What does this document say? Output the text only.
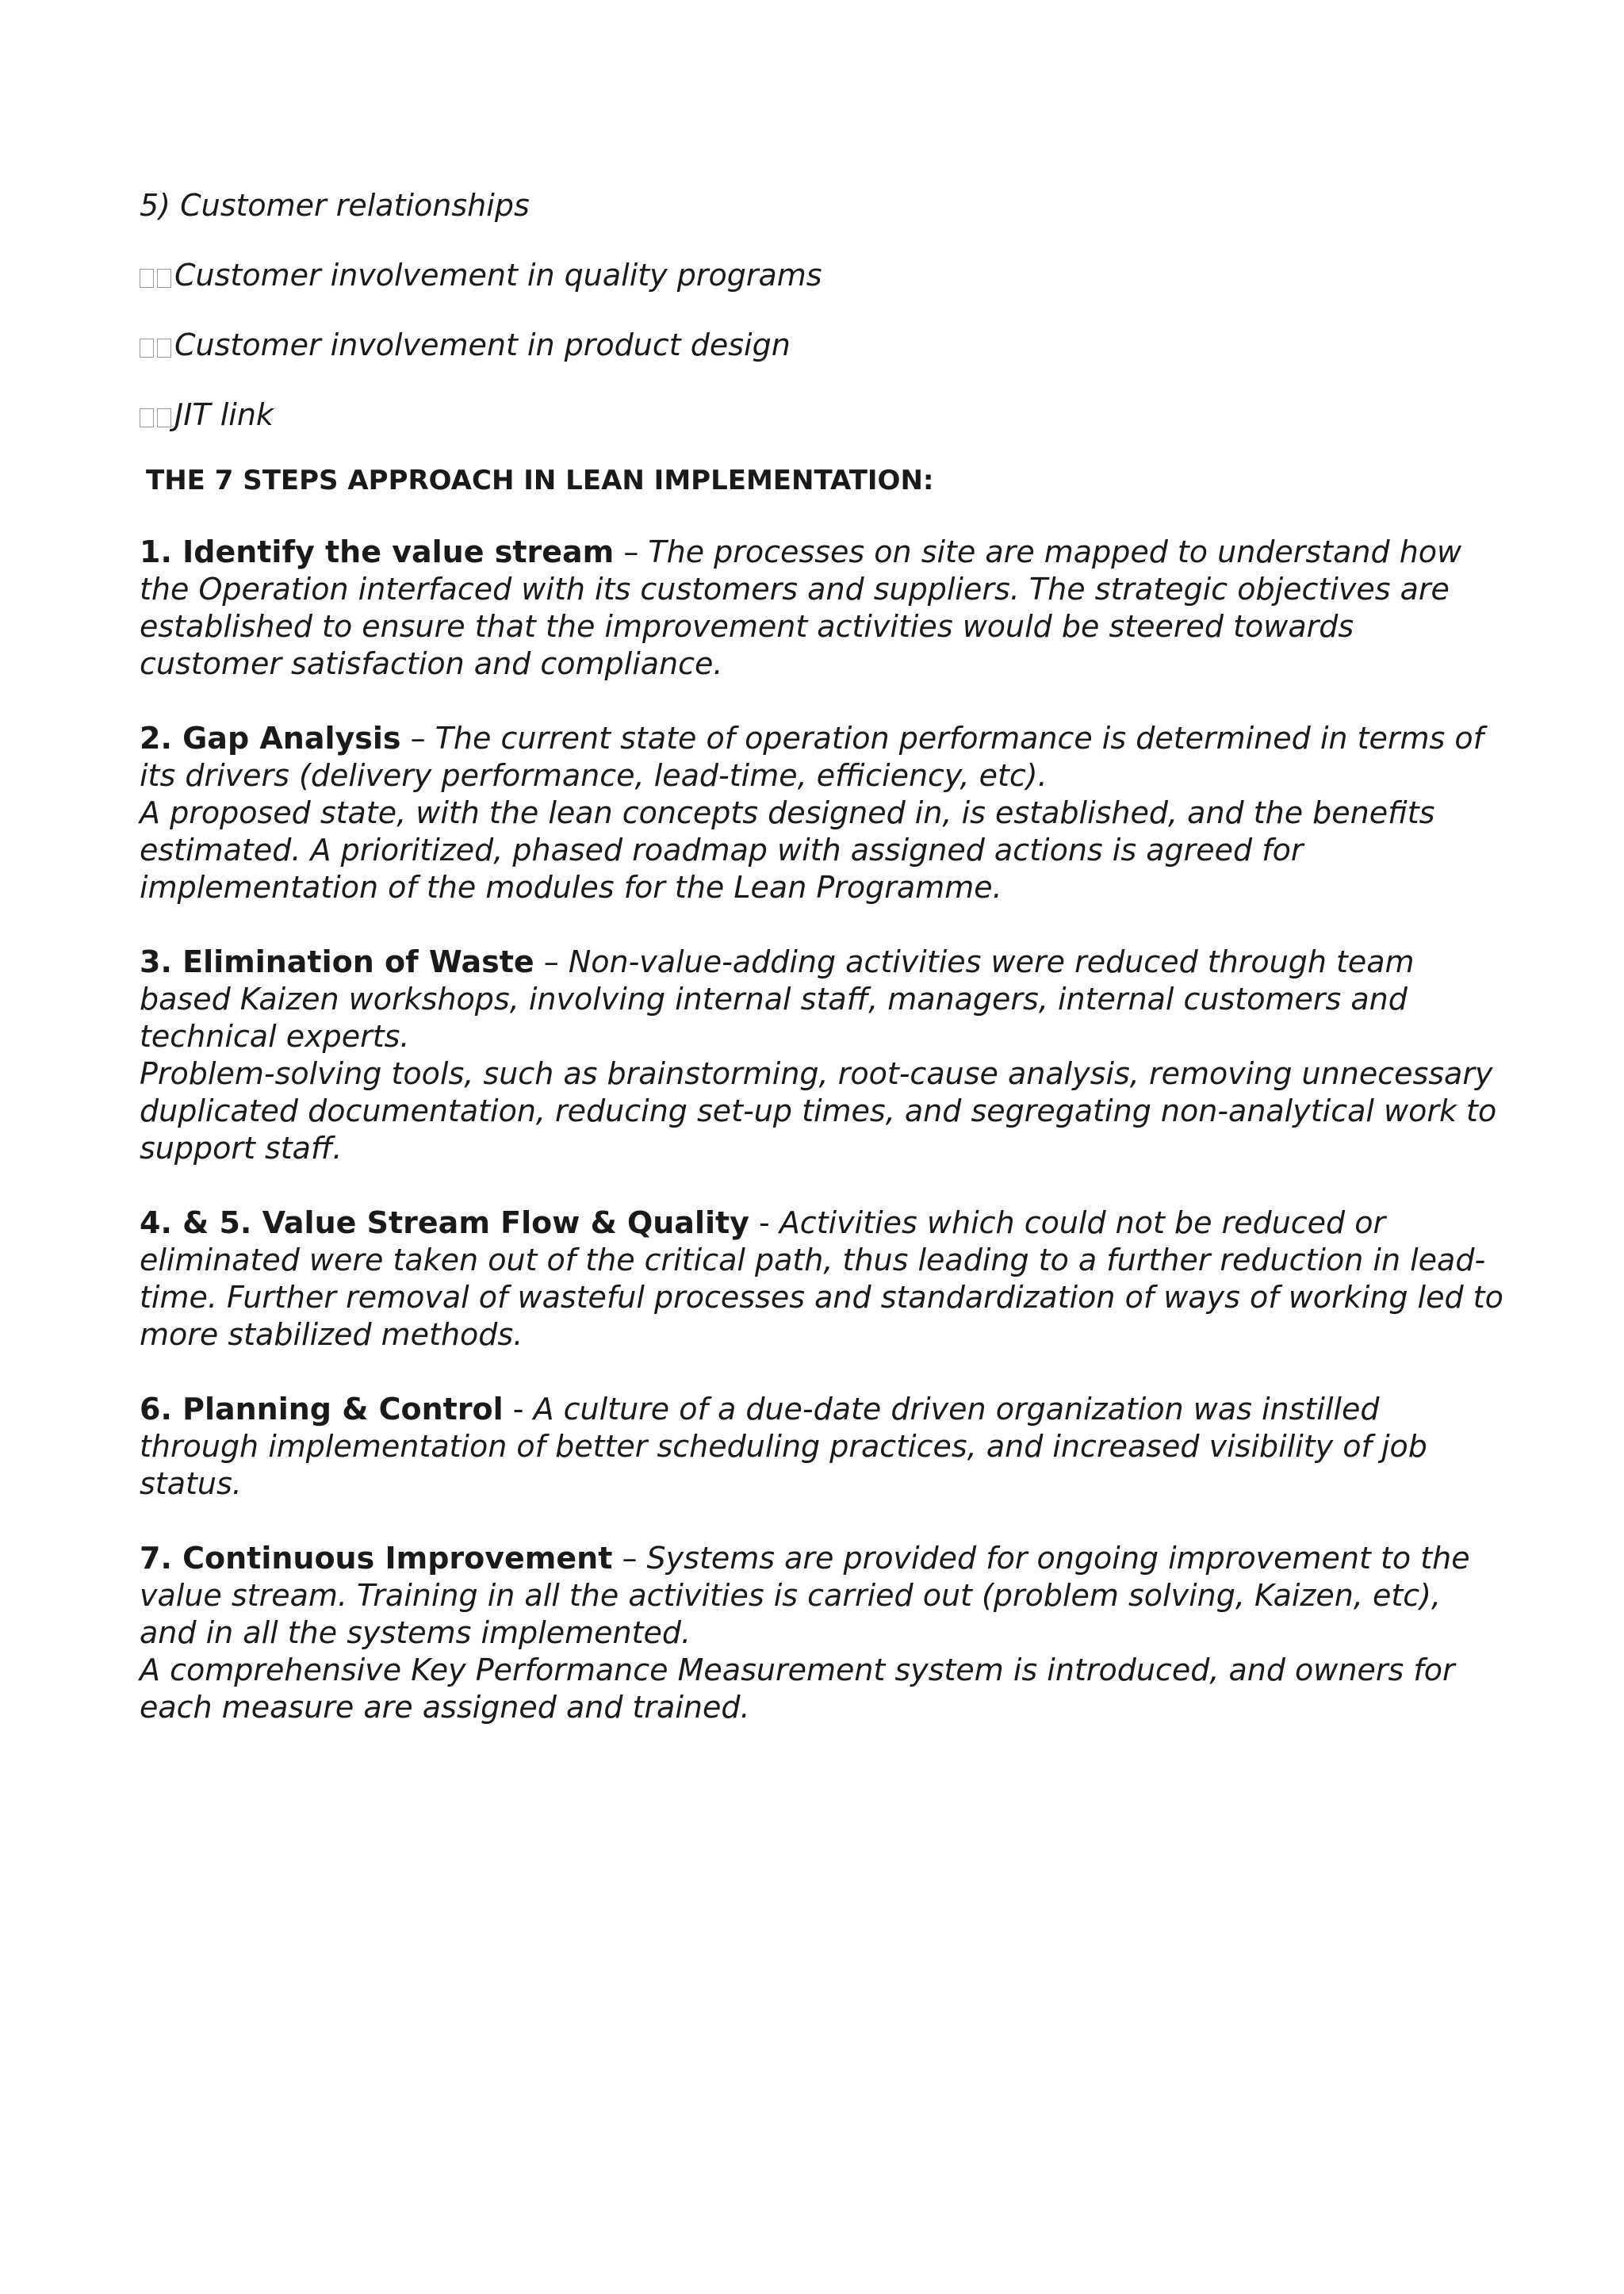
5) Customer relationships

Customer involvement in quality programs

Customer involvement in product design

JIT link

THE 7 STEPS APPROACH IN LEAN IMPLEMENTATION:

1. Identify the value stream – The processes on site are mapped to understand how the Operation interfaced with its customers and suppliers. The strategic objectives are established to ensure that the improvement activities would be steered towards customer satisfaction and compliance.

2. Gap Analysis – The current state of operation performance is determined in terms of its drivers (delivery performance, lead-time, efficiency, etc).
A proposed state, with the lean concepts designed in, is established, and the benefits estimated. A prioritized, phased roadmap with assigned actions is agreed for implementation of the modules for the Lean Programme.

3. Elimination of Waste – Non-value-adding activities were reduced through team based Kaizen workshops, involving internal staff, managers, internal customers and technical experts.
Problem-solving tools, such as brainstorming, root-cause analysis, removing unnecessary duplicated documentation, reducing set-up times, and segregating non-analytical work to support staff.

4. & 5. Value Stream Flow & Quality - Activities which could not be reduced or eliminated were taken out of the critical path, thus leading to a further reduction in lead-time. Further removal of wasteful processes and standardization of ways of working led to more stabilized methods.

6. Planning & Control - A culture of a due-date driven organization was instilled through implementation of better scheduling practices, and increased visibility of job status.

7. Continuous Improvement – Systems are provided for ongoing improvement to the value stream. Training in all the activities is carried out (problem solving, Kaizen, etc), and in all the systems implemented.
A comprehensive Key Performance Measurement system is introduced, and owners for each measure are assigned and trained.
